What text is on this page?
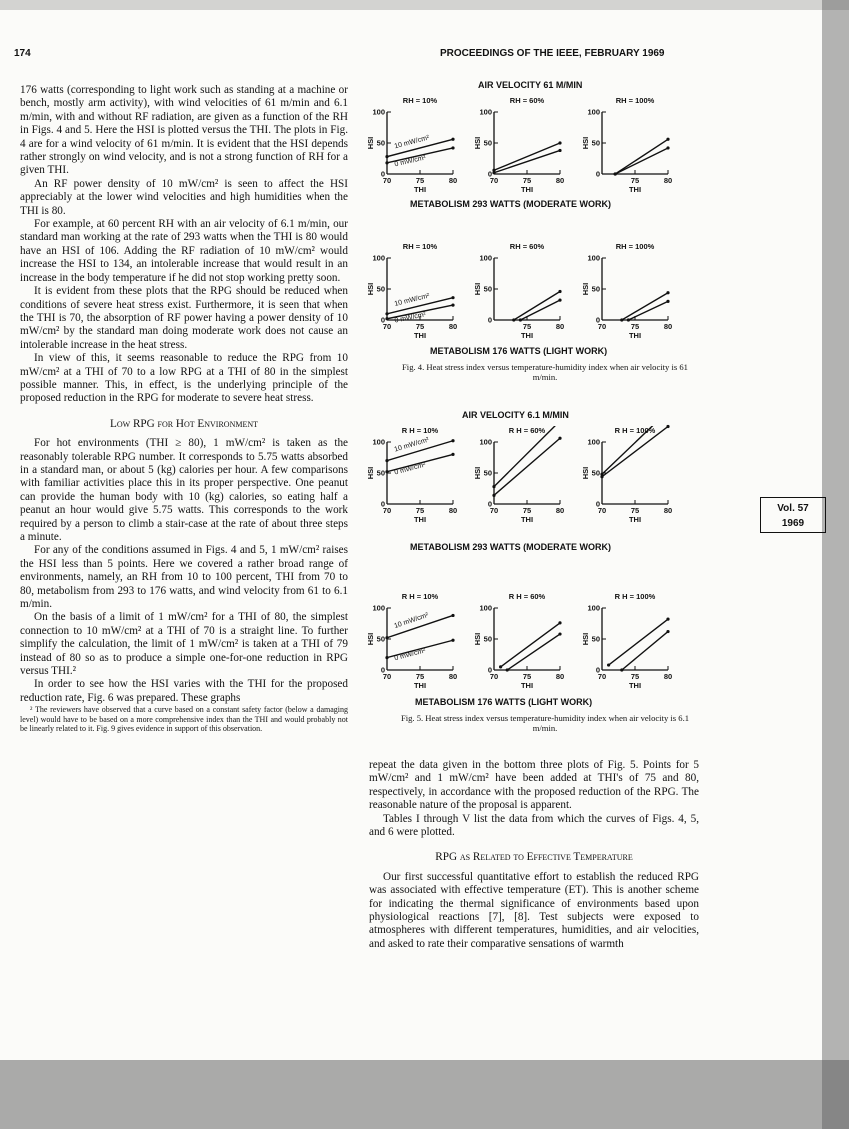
174	PROCEEDINGS OF THE IEEE, FEBRUARY 1969
Vol. 57
1969

176 watts (corresponding to light work such as standing at a machine or bench, mostly arm activity), with wind velocities of 61 m/min and 6.1 m/min, with and without RF radiation, are given as a function of the RH in Figs. 4 and 5. Here the HSI is plotted versus the THI. The plots in Fig. 4 are for a wind velocity of 61 m/min. It is evident that the HSI depends rather strongly on wind velocity, and is not a strong function of RH for a given THI.

An RF power density of 10 mW/cm² is seen to affect the HSI appreciably at the lower wind velocities and high humidities when the THI is 80.

For example, at 60 percent RH with an air velocity of 6.1 m/min, our standard man working at the rate of 293 watts when the THI is 80 would have an HSI of 106. Adding the RF radiation of 10 mW/cm² would increase the HSI to 134, an intolerable increase that would result in an increase in the body temperature if he did not stop working pretty soon.

It is evident from these plots that the RPG should be reduced when conditions of severe heat stress exist. Furthermore, it is seen that when the THI is 70, the absorption of RF power having a power density of 10 mW/cm² by the standard man doing moderate work does not cause an intolerable increase in the heat stress.

In view of this, it seems reasonable to reduce the RPG from 10 mW/cm² at a THI of 70 to a low RPG at a THI of 80 in the simplest possible manner. This, in effect, is the underlying principle of the proposed reduction in the RPG for moderate to severe heat stress.

Low RPG for Hot Environment

For hot environments (THI ≥ 80), 1 mW/cm² is taken as the reasonably tolerable RPG number. It corresponds to 5.75 watts absorbed in a standard man, or about 5 (kg) calories per hour. A few comparisons with familiar activities place this in its proper perspective. One peanut can provide the human body with 10 (kg) calories, so eating half a peanut an hour would give 5.75 watts. This corresponds to the work required by a person to climb a stair-case at the rate of about three steps a minute.

For any of the conditions assumed in Figs. 4 and 5, 1 mW/cm² raises the HSI less than 5 points. Here we covered a rather broad range of environments, namely, an RH from 10 to 100 percent, THI from 70 to 80, metabolism from 293 to 176 watts, and wind velocity from 61 to 6.1 m/min.

On the basis of a limit of 1 mW/cm² for a THI of 80, the simplest connection to 10 mW/cm² at a THI of 70 is a straight line. To further simplify the calculation, the limit of 1 mW/cm² is taken at a THI of 79 instead of 80 so as to produce a simple one-for-one reduction in RPG versus THI.²

In order to see how the HSI varies with the THI for the proposed reduction rate, Fig. 6 was prepared. These graphs

² The reviewers have observed that a curve based on a constant safety factor (below a damaging level) would have to be based on a more comprehensive index than the THI and would probably not be linearly related to it. Fig. 9 gives evidence in support of this observation.

repeat the data given in the bottom three plots of Fig. 5. Points for 5 mW/cm² and 1 mW/cm² have been added at THI's of 75 and 80, respectively, in accordance with the proposed reduction of the RPG. The reasonable nature of the proposal is apparent.

Tables I through V list the data from which the curves of Figs. 4, 5, and 6 were plotted.

RPG as Related to Effective Temperature

Our first successful quantitative effort to establish the reduced RPG was associated with effective temperature (ET). This is another scheme for indicating the thermal significance of environments based upon physiological reactions [7], [8]. Test subjects were exposed to atmospheres with different temperatures, humidities, and air velocities, and asked to rate their comparative sensations of warmth

AIR VELOCITY 61 M/MIN
METABOLISM 293 WATTS (MODERATE WORK)
METABOLISM 176 WATTS (LIGHT WORK)
Fig. 4. Heat stress index versus temperature-humidity index when air velocity is 61 m/min.
AIR VELOCITY 6.1 M/MIN
METABOLISM 293 WATTS (MODERATE WORK)
METABOLISM 176 WATTS (LIGHT WORK)
Fig. 5. Heat stress index versus temperature-humidity index when air velocity is 6.1 m/min.
RH = 10%
0
50
100
70	75	80
THI
HSI	10 mW/cm²
0 mW/cm²
RH = 60%
0
50
100
70	75	80
THI
HSI
RH = 100%
0
50
100
75	80
THI
HSI
RH = 10%
0
50
100
70	75	80
THI
HSI
10 mW/cm²
0 mW/cm²
RH = 60%
0
50
100
75	80
THI
HSI
RH = 100%
0
50
100
70	75	80
THI
HSI
R H = 10%
0
50
100
70	75	80
THI
HSI
10 mW/cm²
0 mW/cm²
R H = 60%
0
50
100
70	75	80
THI
HSI
R H = 100%
0
50
100
70	75	80
THI
HSI
R H = 10%
0
50
100
70	75	80
THI
HSI
10 mW/cm²
0 mW/cm²
R H = 60%
0
50
100
70	75	80
THI
HSI
R H = 100%
0
50
100
70	75	80
THI
HSI
